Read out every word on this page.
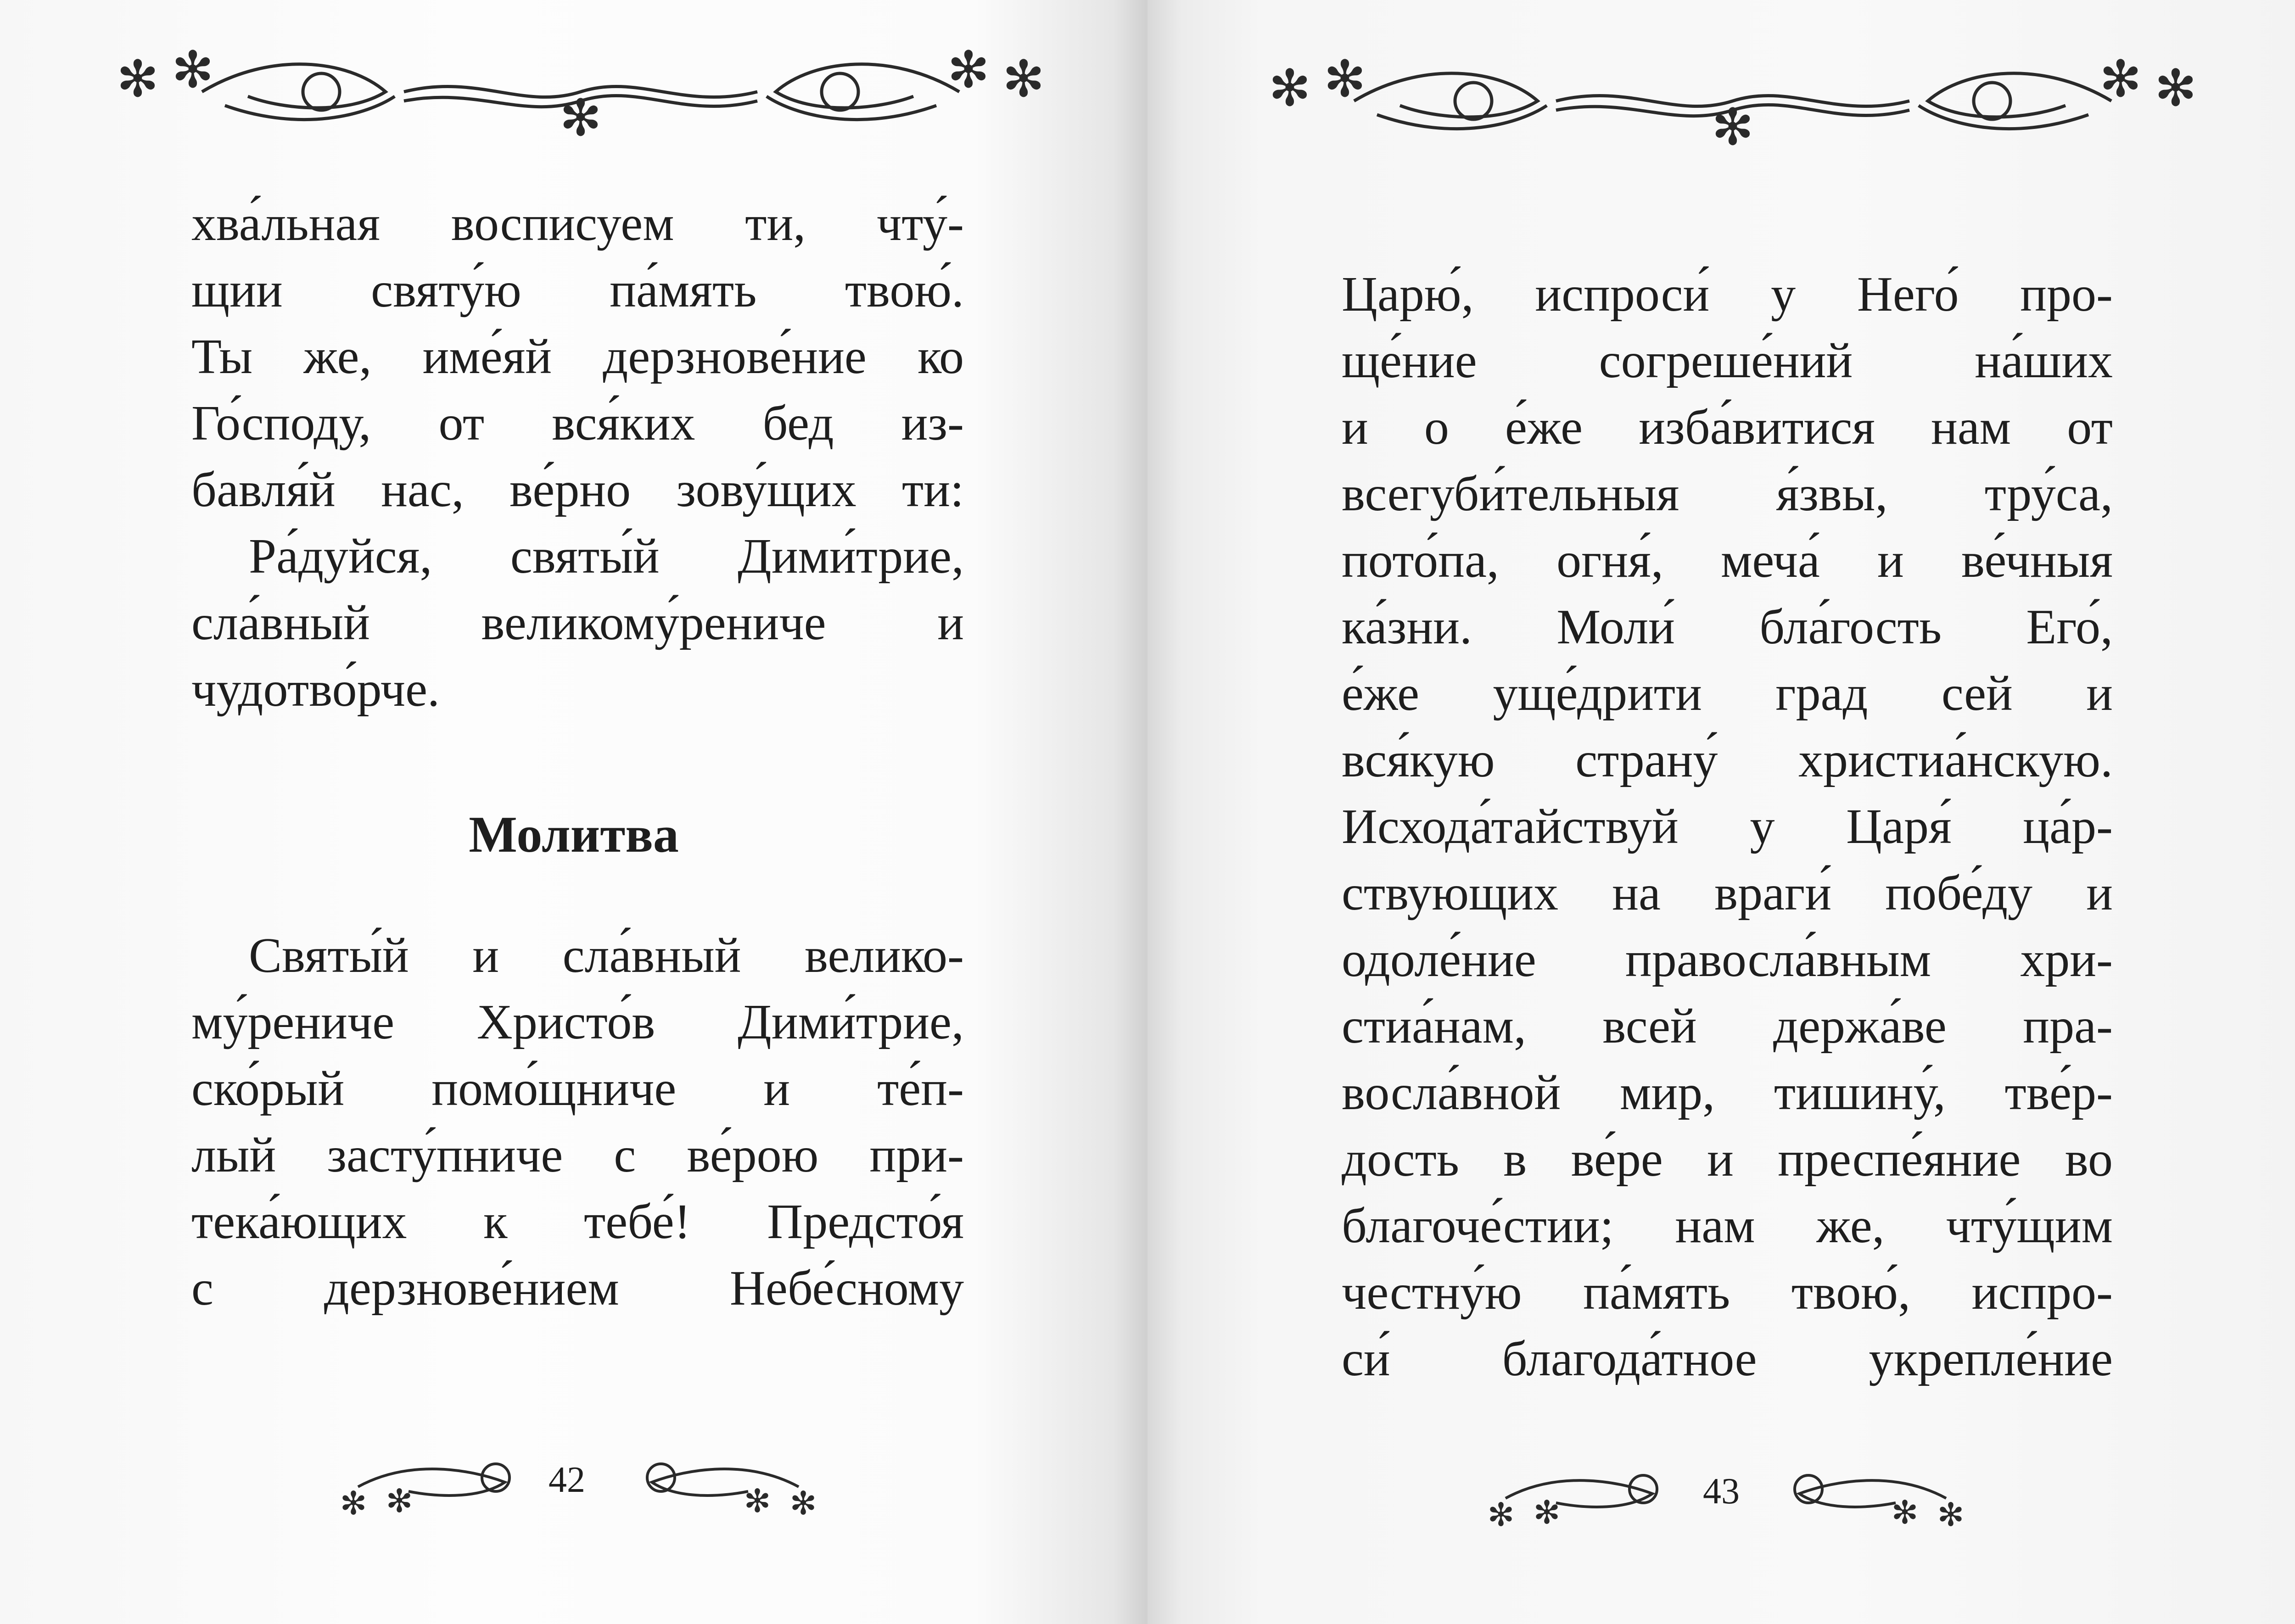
✻ ✻
✻
✻ ✻
хва́льная восписуем ти, чту́-
щии святу́ю па́мять твою́.
Ты же, име́яй дерзнове́ние ко
Го́споду, от вся́ких бед из-
бавля́й нас, ве́рно зову́щих ти:
Ра́дуйся, святы́й Дими́трие,
сла́вный великому́рениче и
чудотво́рче.
Молитва
Святы́й и сла́вный велико-
му́рениче Христо́в Дими́трие,
ско́рый помо́щниче и те́п-
лый засту́пниче с ве́рою при-
тека́ющих к тебе́! Предсто́я
с дерзнове́нием Небе́сному
✻ ✻	✻ ✻
42
✻ ✻
✻
✻ ✻
Царю́, испроси́ у Него́ про-
ще́ние согреше́ний на́ших
и о е́же изба́витися нам от
всегуби́тельныя я́звы, тру́са,
пото́па, огня́, меча́ и ве́чныя
ка́зни. Моли́ бла́гость Его́,
е́же уще́дрити град сей и
вся́кую страну́ христиа́нскую.
Исхода́тайствуй у Царя́ ца́р-
ствующих на враги́ побе́ду и
одоле́ние правосла́вным хри-
стиа́нам, всей держа́ве пра-
восла́вной мир, тишину́, тве́р-
дость в ве́ре и преспе́яние во
благоче́стии; нам же, чту́щим
честну́ю па́мять твою́, испро-
си́ благода́тное укрепле́ние
✻ ✻	✻ ✻
43
